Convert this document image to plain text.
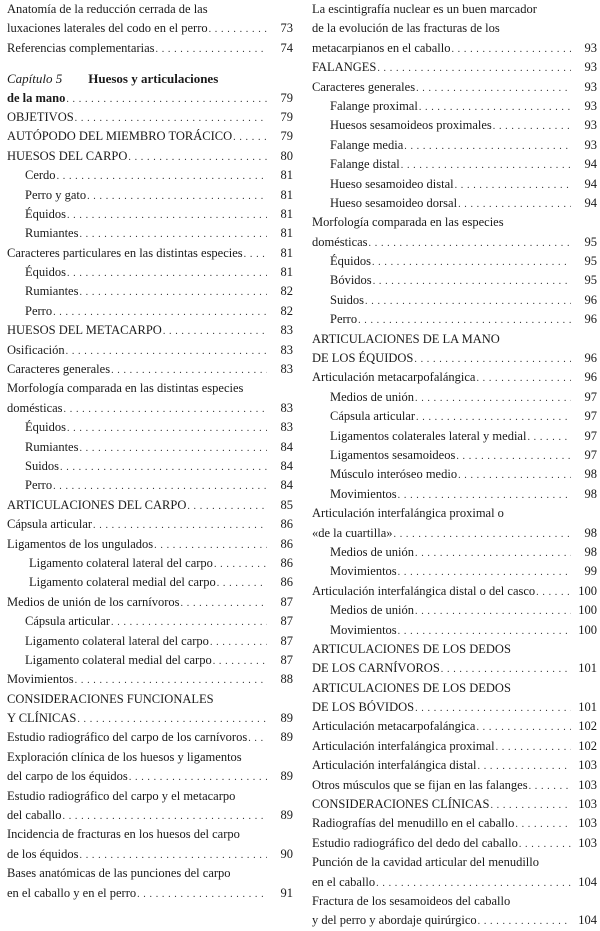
Anatomía de la reducción cerrada de las
luxaciones laterales del codo en el perro . . .	73
Referencias complementarias . . .	74
Capítulo 5 Huesos y articulaciones
de la mano . . .	79
OBJETIVOS . . .	79
AUTÓPODO DEL MIEMBRO TORÁCICO . . .	79
HUESOS DEL CARPO . . .	80
Cerdo . . .	81
Perro y gato . . .	81
Équidos . . .	81
Rumiantes . . .	81
Caracteres particulares en las distintas especies . . .	81
Équidos . . .	81
Rumiantes . . .	82
Perro . . .	82
HUESOS DEL METACARPO . . .	83
Osificación . . .	83
Caracteres generales . . .	83
Morfología comparada en las distintas especies
domésticas . . .	83
Équidos . . .	83
Rumiantes . . .	84
Suidos . . .	84
Perro . . .	84
ARTICULACIONES DEL CARPO . . .	85
Cápsula articular . . .	86
Ligamentos de los ungulados . . .	86
Ligamento colateral lateral del carpo . . .	86
Ligamento colateral medial del carpo . . .	86
Medios de unión de los carnívoros . . .	87
Cápsula articular . . .	87
Ligamento colateral lateral del carpo . . .	87
Ligamento colateral medial del carpo . . .	87
Movimientos . . .	88
CONSIDERACIONES FUNCIONALES
Y CLÍNICAS . . .	89
Estudio radiográfico del carpo de los carnívoros . . .	89
Exploración clínica de los huesos y ligamentos
del carpo de los équidos . . .	89
Estudio radiográfico del carpo y el metacarpo
del caballo . . .	89
Incidencia de fracturas en los huesos del carpo
de los équidos . . .	90
Bases anatómicas de las punciones del carpo
en el caballo y en el perro . . .	91
La escintigrafía nuclear es un buen marcador
de la evolución de las fracturas de los
metacarpianos en el caballo . . .	93
FALANGES . . .	93
Caracteres generales . . .	93
Falange proximal . . .	93
Huesos sesamoideos proximales . . .	93
Falange media . . .	93
Falange distal . . .	94
Hueso sesamoideo distal . . .	94
Hueso sesamoideo dorsal . . .	94
Morfología comparada en las especies
domésticas . . .	95
Équidos . . .	95
Bóvidos . . .	95
Suidos . . .	96
Perro . . .	96
ARTICULACIONES DE LA MANO
DE LOS ÉQUIDOS . . .	96
Articulación metacarpofalángica . . .	96
Medios de unión . . .	97
Cápsula articular . . .	97
Ligamentos colaterales lateral y medial . . .	97
Ligamentos sesamoideos . . .	97
Músculo interóseo medio . . .	98
Movimientos . . .	98
Articulación interfalángica proximal o
«de la cuartilla» . . .	98
Medios de unión . . .	98
Movimientos . . .	99
Articulación interfalángica distal o del casco . . .	100
Medios de unión . . .	100
Movimientos . . .	100
ARTICULACIONES DE LOS DEDOS
DE LOS CARNÍVOROS . . .	101
ARTICULACIONES DE LOS DEDOS
DE LOS BÓVIDOS . . .	101
Articulación metacarpofalángica . . .	102
Articulación interfalángica proximal . . .	102
Articulación interfalángica distal . . .	103
Otros músculos que se fijan en las falanges . . .	103
CONSIDERACIONES CLÍNICAS . . .	103
Radiografías del menudillo en el caballo . . .	103
Estudio radiográfico del dedo del caballo . . .	103
Punción de la cavidad articular del menudillo
en el caballo . . .	104
Fractura de los sesamoideos del caballo
y del perro y abordaje quirúrgico . . .	104
